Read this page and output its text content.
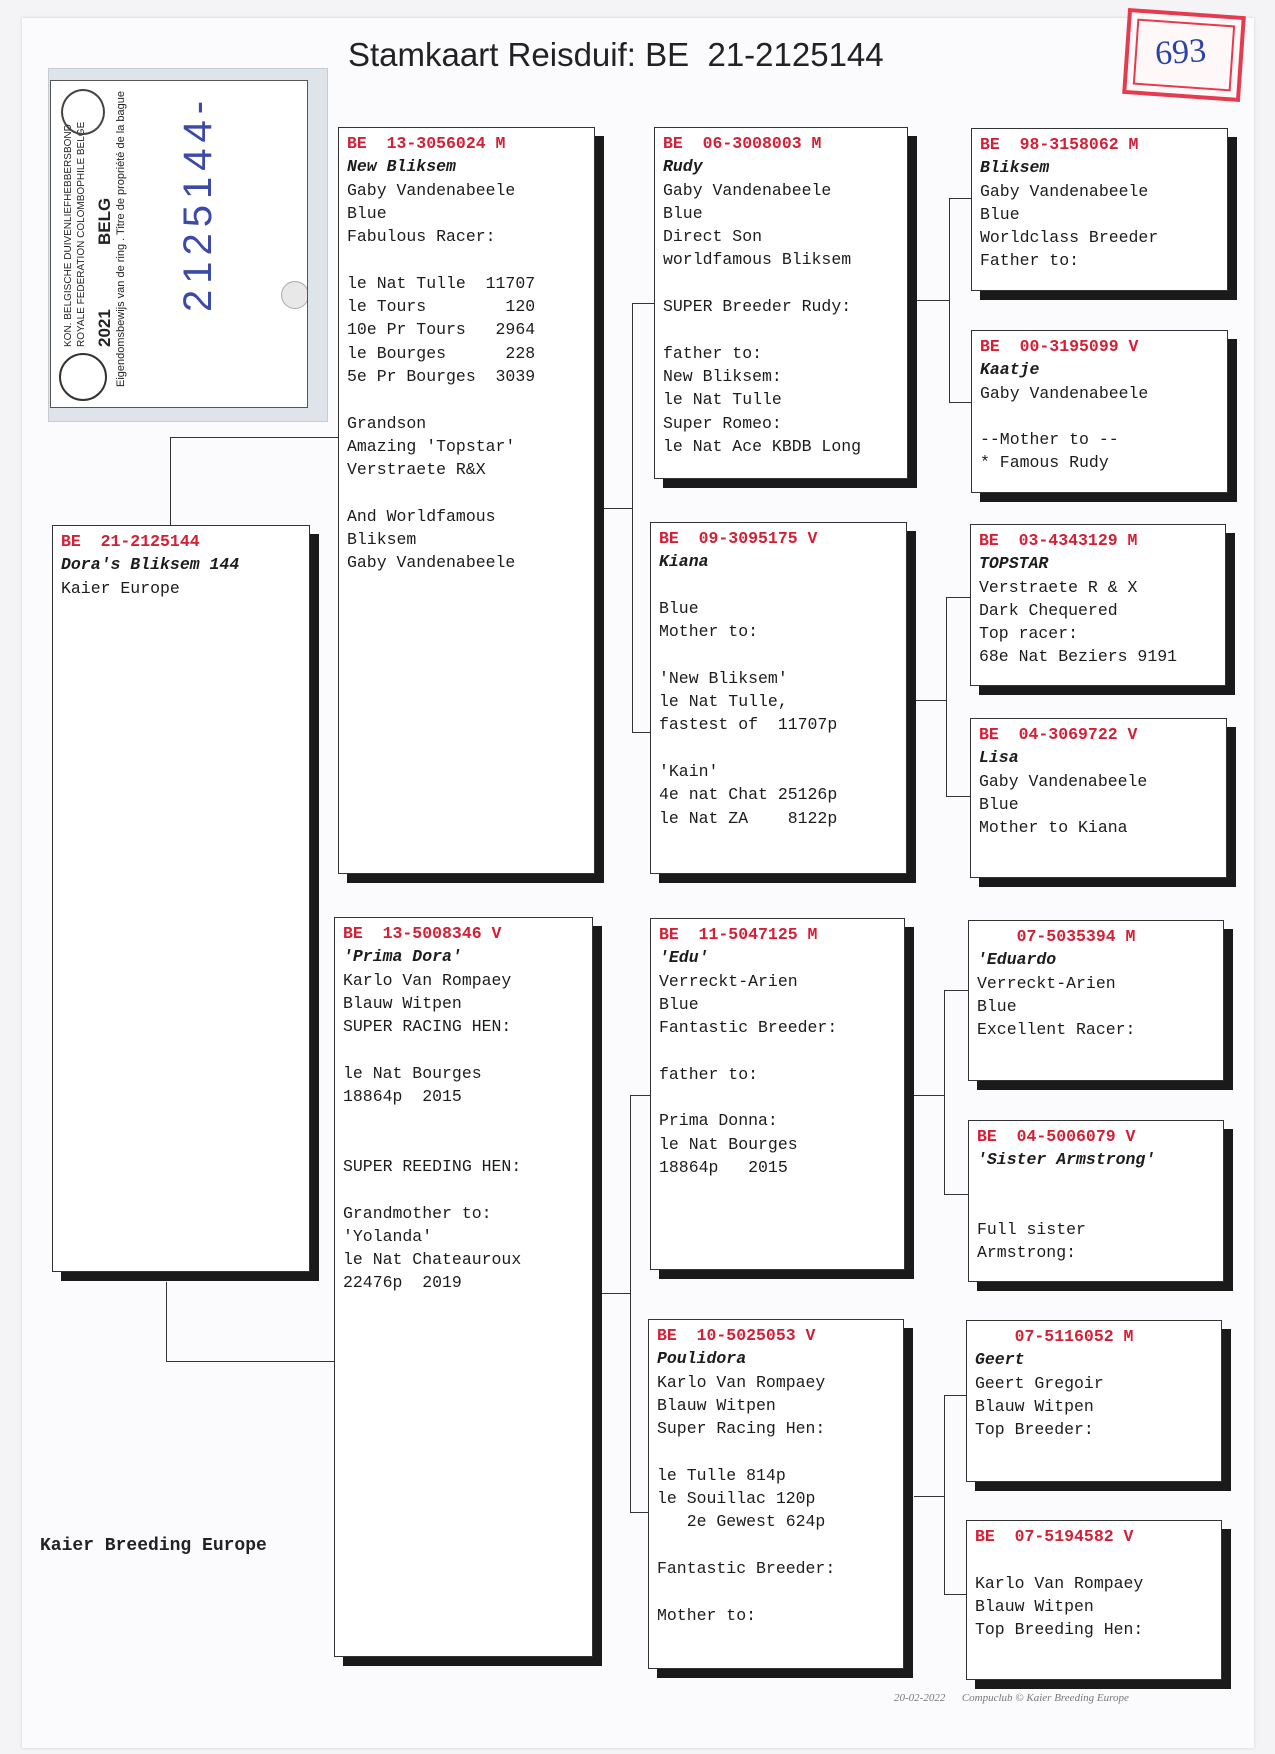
Stamkaart Reisduif: BE  21-2125144
KON. BELGISCHE DUIVENLIEFHEBBERSBOND ROYALE FEDERATION COLOMBOPHILE BELGE 2021
BELG Eigendomsbewijs van de ring . Titre de propriété de la bague 2125144-
693
BE  21-2125144
Dora's Bliksem 144
Kaier Europe
BE  13-3056024 M
New Bliksem
Gaby Vandenabeele
Blue
Fabulous Racer:
le Nat Tulle  11707
le Tours        120
10e Pr Tours   2964
le Bourges      228
5e Pr Bourges  3039
Grandson
Amazing 'Topstar'
Verstraete R&X
And Worldfamous
Bliksem
Gaby Vandenabeele
BE  13-5008346 V
'Prima Dora'
Karlo Van Rompaey
Blauw Witpen
SUPER RACING HEN:
le Nat Bourges
18864p  2015
SUPER REEDING HEN:
Grandmother to:
'Yolanda'
le Nat Chateauroux
22476p  2019
BE  06-3008003 M
Rudy
Gaby Vandenabeele
Blue
Direct Son
worldfamous Bliksem
SUPER Breeder Rudy:
father to:
New Bliksem:
le Nat Tulle
Super Romeo:
le Nat Ace KBDB Long
BE  09-3095175 V
Kiana
Blue
Mother to:
'New Bliksem'
le Nat Tulle,
fastest of  11707p
'Kain'
4e nat Chat 25126p
le Nat ZA    8122p
BE  11-5047125 M
'Edu'
Verreckt-Arien
Blue
Fantastic Breeder:
father to:
Prima Donna:
le Nat Bourges
18864p   2015
BE  10-5025053 V
Poulidora
Karlo Van Rompaey
Blauw Witpen
Super Racing Hen:
le Tulle 814p
le Souillac 120p
2e Gewest 624p
Fantastic Breeder:
Mother to:
BE  98-3158062 M
Bliksem
Gaby Vandenabeele
Blue
Worldclass Breeder
Father to:
BE  00-3195099 V
Kaatje
Gaby Vandenabeele
--Mother to --
* Famous Rudy
BE  03-4343129 M
TOPSTAR
Verstraete R & X
Dark Chequered
Top racer:
68e Nat Beziers 9191
BE  04-3069722 V
Lisa
Gaby Vandenabeele
Blue
Mother to Kiana
07-5035394 M
'Eduardo
Verreckt-Arien
Blue
Excellent Racer:
BE  04-5006079 V
'Sister Armstrong'
Full sister
Armstrong:
07-5116052 M
Geert
Geert Gregoir
Blauw Witpen
Top Breeder:
BE  07-5194582 V
Karlo Van Rompaey
Blauw Witpen
Top Breeding Hen:
Kaier Breeding Europe
20-02-2022 Compuclub © Kaier Breeding Europe
